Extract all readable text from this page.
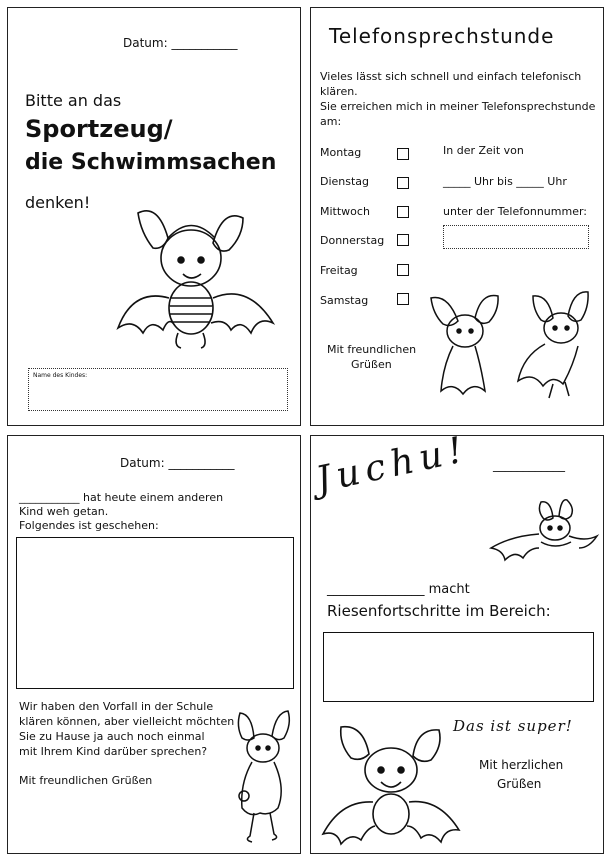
Datum: ___________
Bitte an das
Sportzeug/
die Schwimmsachen
denken!
Name des Kindes:
Telefonsprechstunde
Vieles lässt sich schnell und einfach telefonisch
klären.
Sie erreichen mich in meiner Telefonsprechstunde
am:
Montag
Dienstag
Mittwoch
Donnerstag
Freitag
Samstag
In der Zeit von
_____ Uhr bis _____ Uhr
unter der Telefonnummer:
Mit freundlichen
Grüßen
Datum: ___________
___________ hat heute einem anderen
Kind weh getan.
Folgendes ist geschehen:
Wir haben den Vorfall in der Schule
klären können, aber vielleicht möchten
Sie zu Hause ja auch noch einmal
mit Ihrem Kind darüber sprechen?
Mit freundlichen Grüßen
Juchu! ____________
_______________ macht
Riesenfortschritte im Bereich:
Das ist super!
Mit herzlichen
Grüßen
